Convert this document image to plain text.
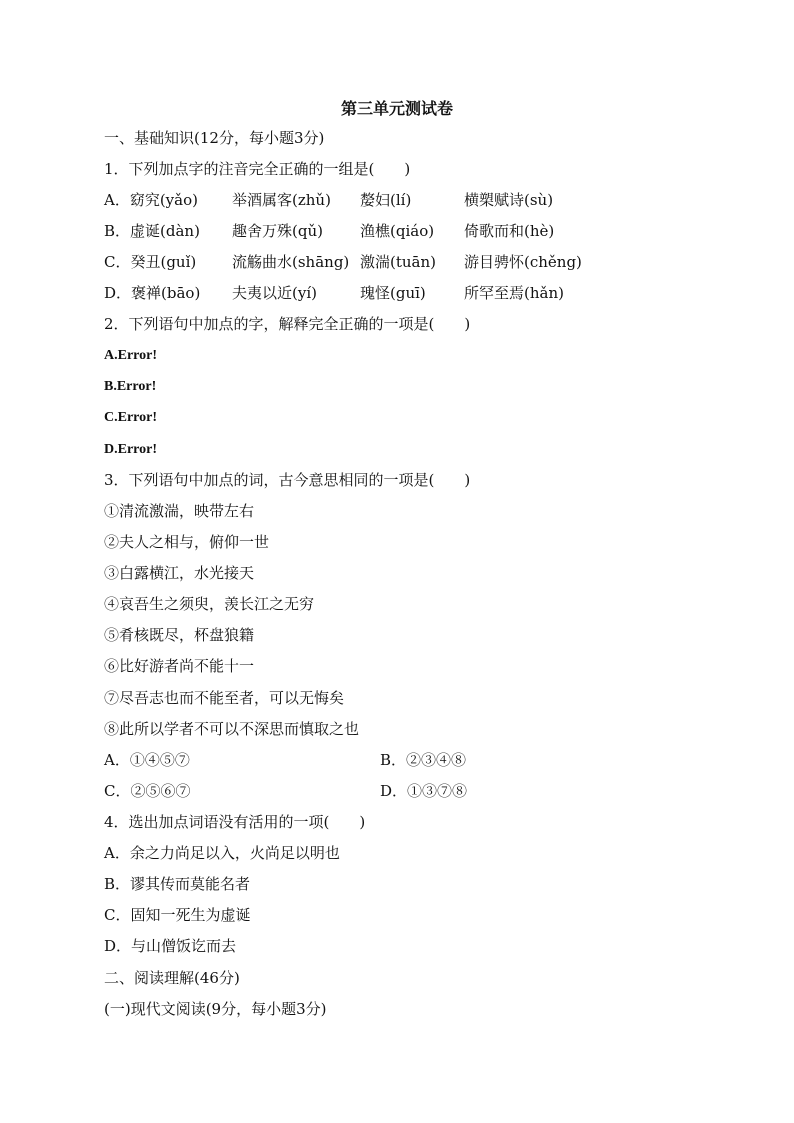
第三单元测试卷
一、基础知识(12分，每小题3分)
1．下列加点字的注音完全正确的一组是(　　)
A．窈究(yǎo) 举酒属客(zhǔ) 嫠妇(lí)	横槊赋诗(sù)
B．虚诞(dàn) 趣舍万殊(qǔ) 渔樵(qiáo) 倚歌而和(hè)
C．癸丑(guǐ) 流觞曲水(shāng) 激湍(tuān) 游目骋怀(chěng)
D．褒禅(bāo) 夫夷以近(yí)	瑰怪(guī)	所罕至焉(hǎn)
2．下列语句中加点的字，解释完全正确的一项是(　　)
A.Error!
B.Error!
C.Error!
D.Error!
3．下列语句中加点的词，古今意思相同的一项是(　　)
①清流激湍，映带左右
②夫人之相与，俯仰一世
③白露横江，水光接天
④哀吾生之须臾，羡长江之无穷
⑤肴核既尽，杯盘狼籍
⑥比好游者尚不能十一
⑦尽吾志也而不能至者，可以无悔矣
⑧此所以学者不可以不深思而慎取之也
A．①④⑤⑦	B．②③④⑧
C．②⑤⑥⑦	D．①③⑦⑧
4．选出加点词语没有活用的一项(　　)
A．余之力尚足以入，火尚足以明也
B．谬其传而莫能名者
C．固知一死生为虚诞
D．与山僧饭讫而去
二、阅读理解(46分)
(一)现代文阅读(9分，每小题3分)
